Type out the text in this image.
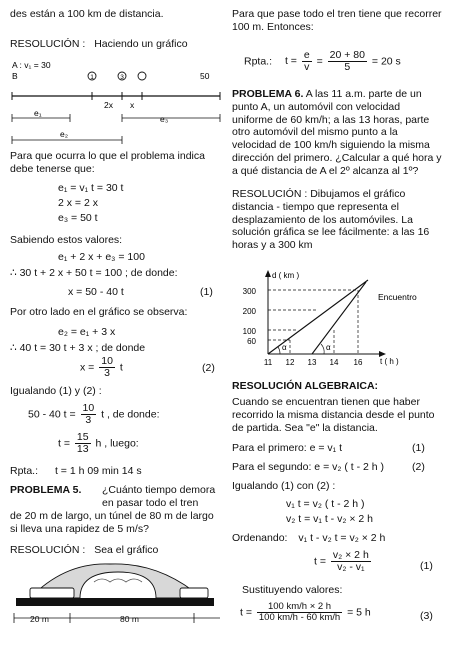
des están a 100 km de distancia.
RESOLUCIÓN : Haciendo un gráfico
A : v₁ = 30
B	50
1	3
2x x
e₁
e₃
e₂
Para que ocurra lo que el problema indica debe tenerse que:
e₁ = v₁ t = 30 t
2 x = 2 x
e₃ = 50 t
Sabiendo estos valores:
e₁ + 2 x + e₃ = 100
∴ 30 t + 2 x + 50 t = 100 ; de donde:
x = 50 - 40 t	(1)
Por otro lado en el gráfico se observa:
e₂ = e₁ + 3 x
∴ 40 t = 30 t + 3 x ; de donde
$x = \frac{10}{3}$ t	(2)
Igualando (1) y (2) :
50 - 40 $t = \frac{10}{3}$ t , de donde:
$t = \frac{15}{13}$ h , luego:
Rpta.: t = 1 h 09 min 14 s
PROBLEMA 5. ¿Cuánto tiempo demora
en pasar todo el tren
de 20 m de largo, un túnel de 80 m de largo
si lleva una rapidez de 5 m/s?
RESOLUCIÓN : Sea el gráfico
20 m	80 m
Para que pase todo el tren tiene que recorrer 100 m. Entonces:
Rpta.: $t = \frac{e}{v} = \frac{20 + 80}{5} = 20$ s
PROBLEMA 6. A las 11 a.m. parte de un punto A, un automóvil con velocidad uniforme de 60 km/h; a las 13 horas, parte otro automóvil del mismo punto a la velocidad de 100 km/h siguiendo la misma dirección del primero. ¿Calcular a qué hora y a qué distancia de A el 2º alcanza al 1º?
RESOLUCIÓN : Dibujamos el gráfico distancia - tiempo que representa el desplazamiento de los automóviles. La solución gráfica se lee fácilmente: a las 16 horas y a 300 km
d ( km )
t ( h )
300
200
100
60
11 12 13 14 16
α	α
Encuentro
RESOLUCIÓN ALGEBRAICA:
Cuando se encuentran tienen que haber recorrido la misma distancia desde el punto de partida. Sea "e" la distancia.
Para el primero: e = v₁ t	(1)
Para el segundo: e = v₂ ( t - 2 h )	(2)
Igualando (1) con (2) :
v₁ t = v₂ ( t - 2 h )
v₂ t = v₁ t - v₂ × 2 h
Ordenando: v₁ t - v₂ t = v₂ × 2 h
$t = \frac{\text{v₂ × 2 h}}{\text{v₂ - v₁}}$	(1)
Sustituyendo valores:
$t = \frac{100 km/h \times 2 h}{100 km/h - 60 km/h} = 5$ h	(3)
